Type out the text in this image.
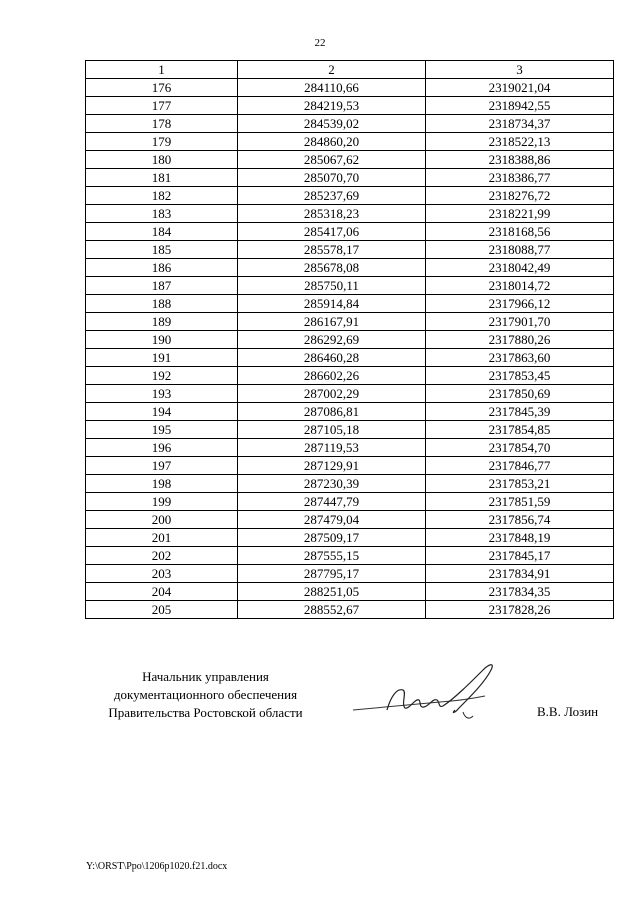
22
1	2	3
176	284110,66	2319021,04
177	284219,53	2318942,55
178	284539,02	2318734,37
179	284860,20	2318522,13
180	285067,62	2318388,86
181	285070,70	2318386,77
182	285237,69	2318276,72
183	285318,23	2318221,99
184	285417,06	2318168,56
185	285578,17	2318088,77
186	285678,08	2318042,49
187	285750,11	2318014,72
188	285914,84	2317966,12
189	286167,91	2317901,70
190	286292,69	2317880,26
191	286460,28	2317863,60
192	286602,26	2317853,45
193	287002,29	2317850,69
194	287086,81	2317845,39
195	287105,18	2317854,85
196	287119,53	2317854,70
197	287129,91	2317846,77
198	287230,39	2317853,21
199	287447,79	2317851,59
200	287479,04	2317856,74
201	287509,17	2317848,19
202	287555,15	2317845,17
203	287795,17	2317834,91
204	288251,05	2317834,35
205	288552,67	2317828,26
Начальник управления
документационного обеспечения
Правительства Ростовской области	В.В. Лозин
Y:\ORST\Ppo\1206p1020.f21.docx
